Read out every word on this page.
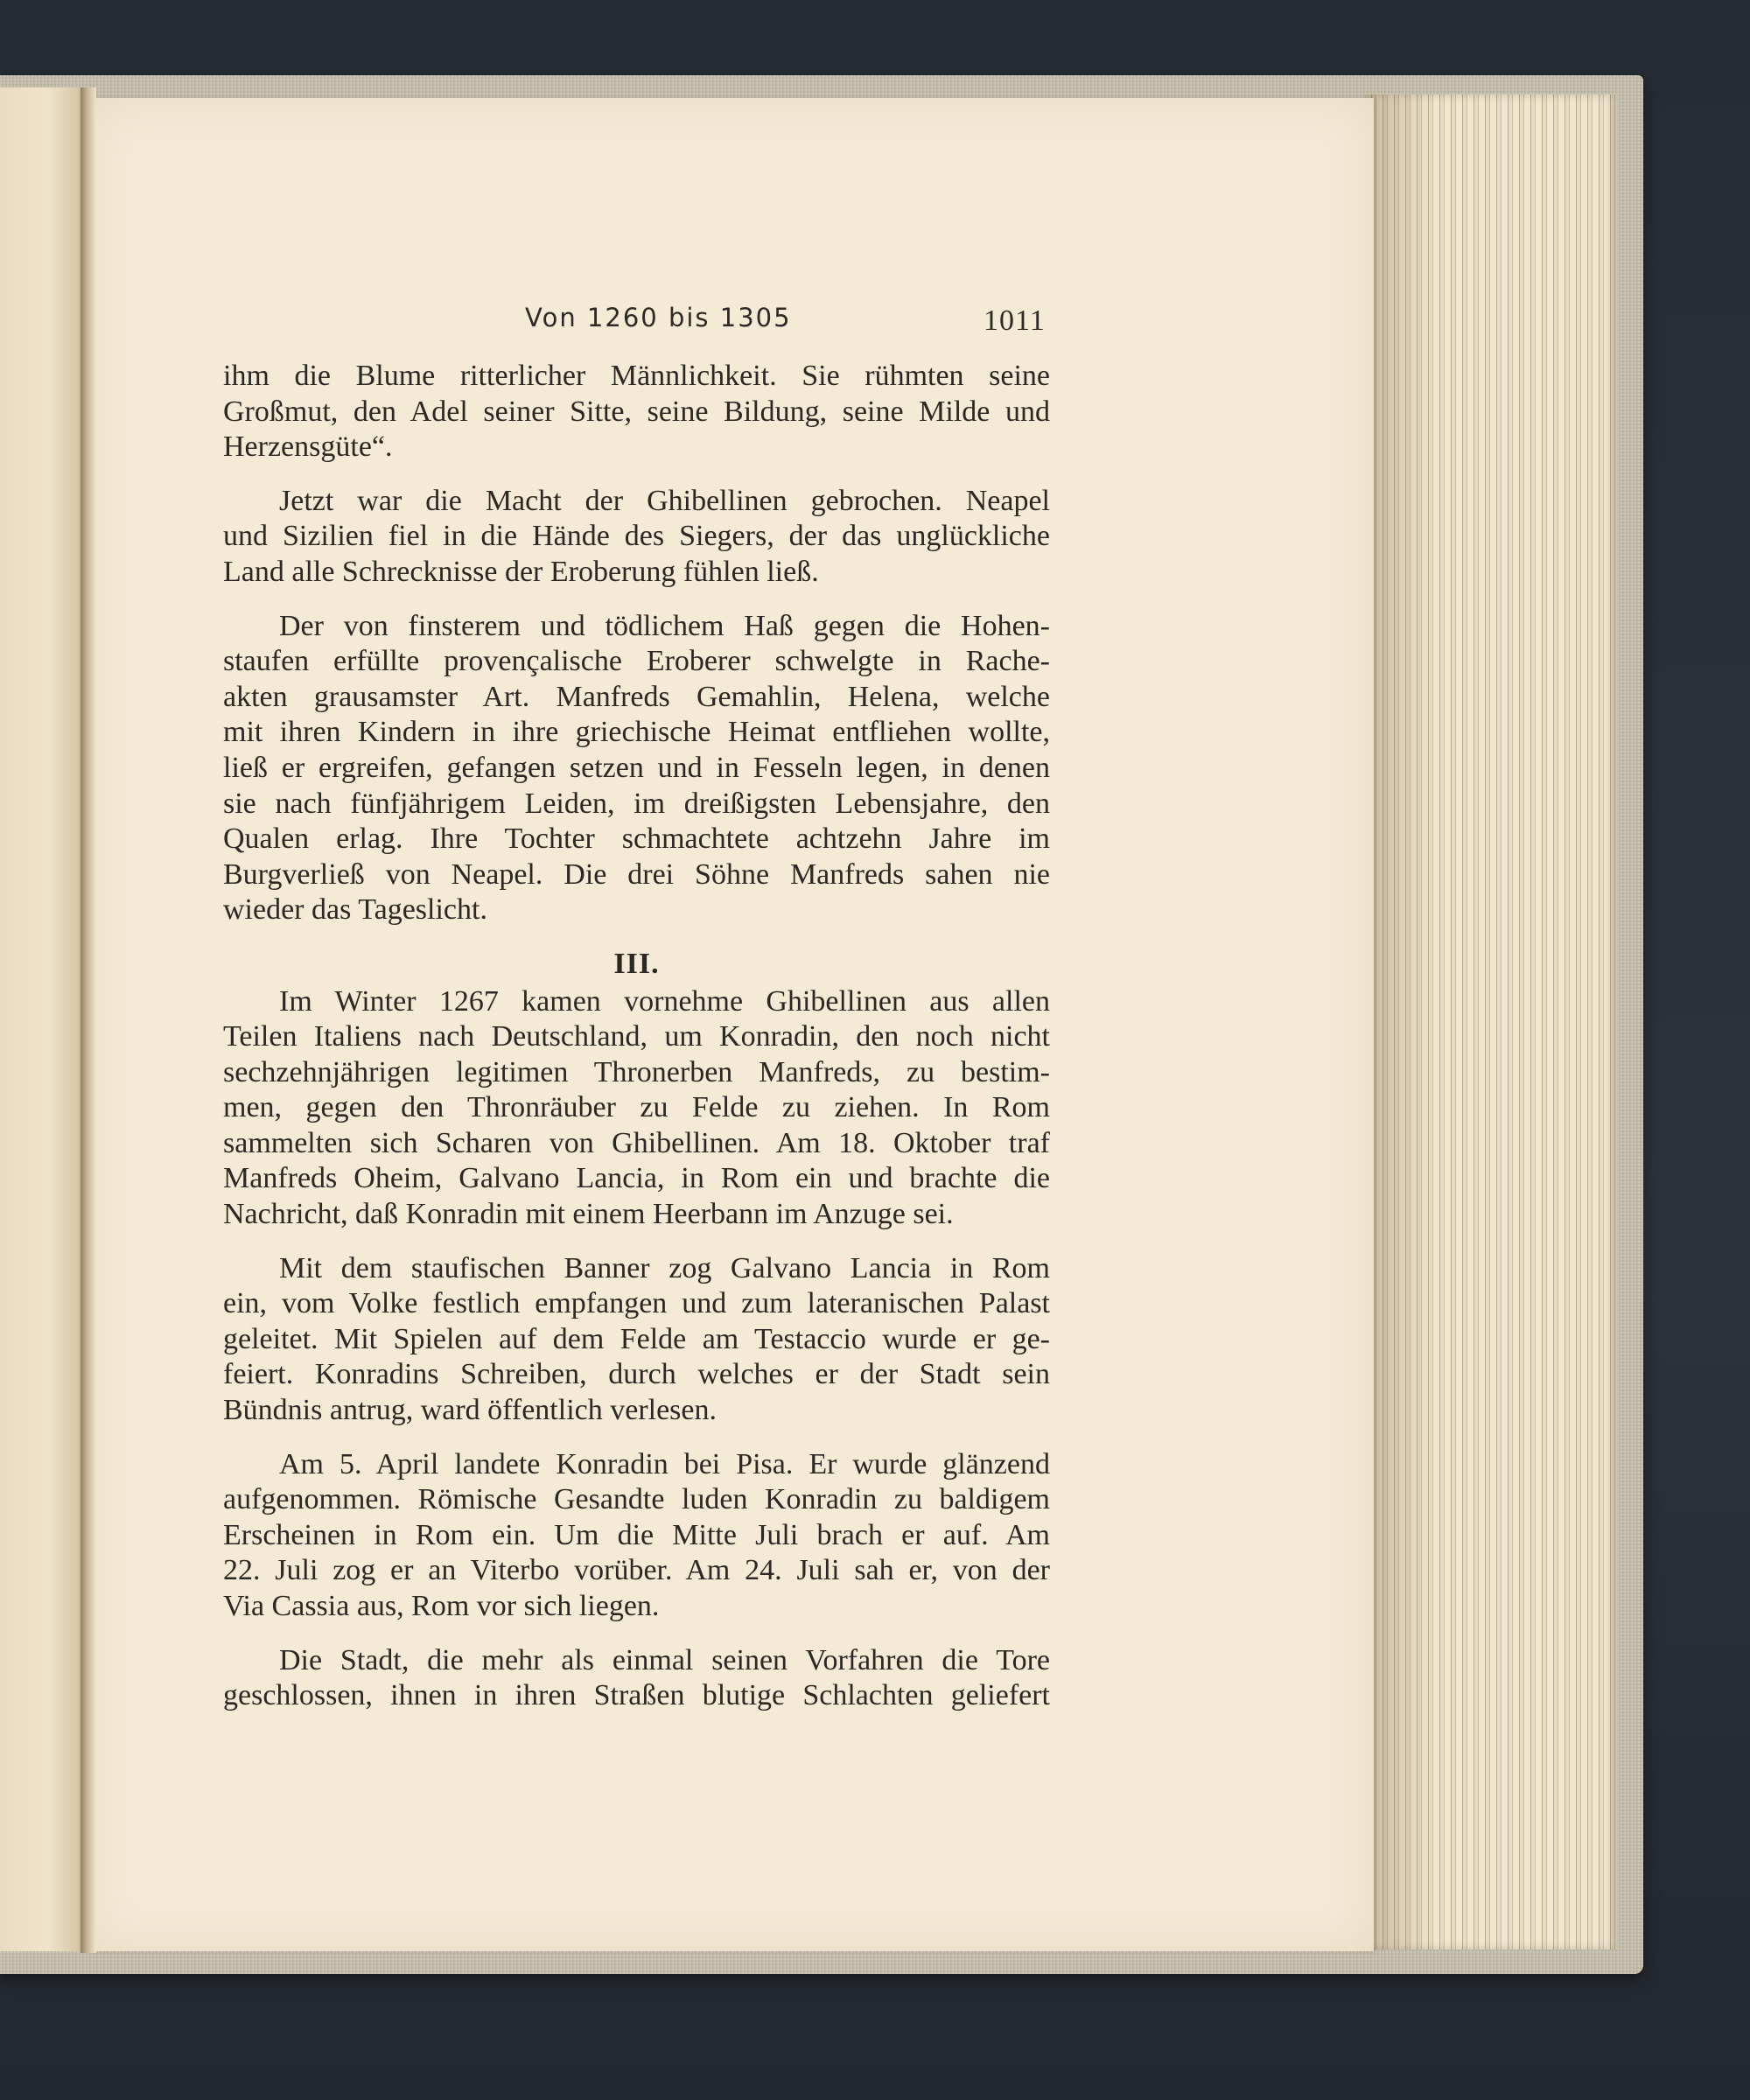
Von 1260 bis 1305	1011
ihm die Blume ritterlicher Männlichkeit. Sie rühmten seine
Großmut, den Adel seiner Sitte, seine Bildung, seine Milde und
Herzensgüte“.
Jetzt war die Macht der Ghibellinen gebrochen. Neapel
und Sizilien fiel in die Hände des Siegers, der das unglückliche
Land alle Schrecknisse der Eroberung fühlen ließ.
Der von finsterem und tödlichem Haß gegen die Hohen-
staufen erfüllte provençalische Eroberer schwelgte in Rache-
akten grausamster Art. Manfreds Gemahlin, Helena, welche
mit ihren Kindern in ihre griechische Heimat entfliehen wollte,
ließ er ergreifen, gefangen setzen und in Fesseln legen, in denen
sie nach fünfjährigem Leiden, im dreißigsten Lebensjahre, den
Qualen erlag. Ihre Tochter schmachtete achtzehn Jahre im
Burgverließ von Neapel. Die drei Söhne Manfreds sahen nie
wieder das Tageslicht.
III.
Im Winter 1267 kamen vornehme Ghibellinen aus allen
Teilen Italiens nach Deutschland, um Konradin, den noch nicht
sechzehnjährigen legitimen Thronerben Manfreds, zu bestim-
men, gegen den Thronräuber zu Felde zu ziehen. In Rom
sammelten sich Scharen von Ghibellinen. Am 18. Oktober traf
Manfreds Oheim, Galvano Lancia, in Rom ein und brachte die
Nachricht, daß Konradin mit einem Heerbann im Anzuge sei.
Mit dem staufischen Banner zog Galvano Lancia in Rom
ein, vom Volke festlich empfangen und zum lateranischen Palast
geleitet. Mit Spielen auf dem Felde am Testaccio wurde er ge-
feiert. Konradins Schreiben, durch welches er der Stadt sein
Bündnis antrug, ward öffentlich verlesen.
Am 5. April landete Konradin bei Pisa. Er wurde glänzend
aufgenommen. Römische Gesandte luden Konradin zu baldigem
Erscheinen in Rom ein. Um die Mitte Juli brach er auf. Am
22. Juli zog er an Viterbo vorüber. Am 24. Juli sah er, von der
Via Cassia aus, Rom vor sich liegen.
Die Stadt, die mehr als einmal seinen Vorfahren die Tore
geschlossen, ihnen in ihren Straßen blutige Schlachten geliefert
